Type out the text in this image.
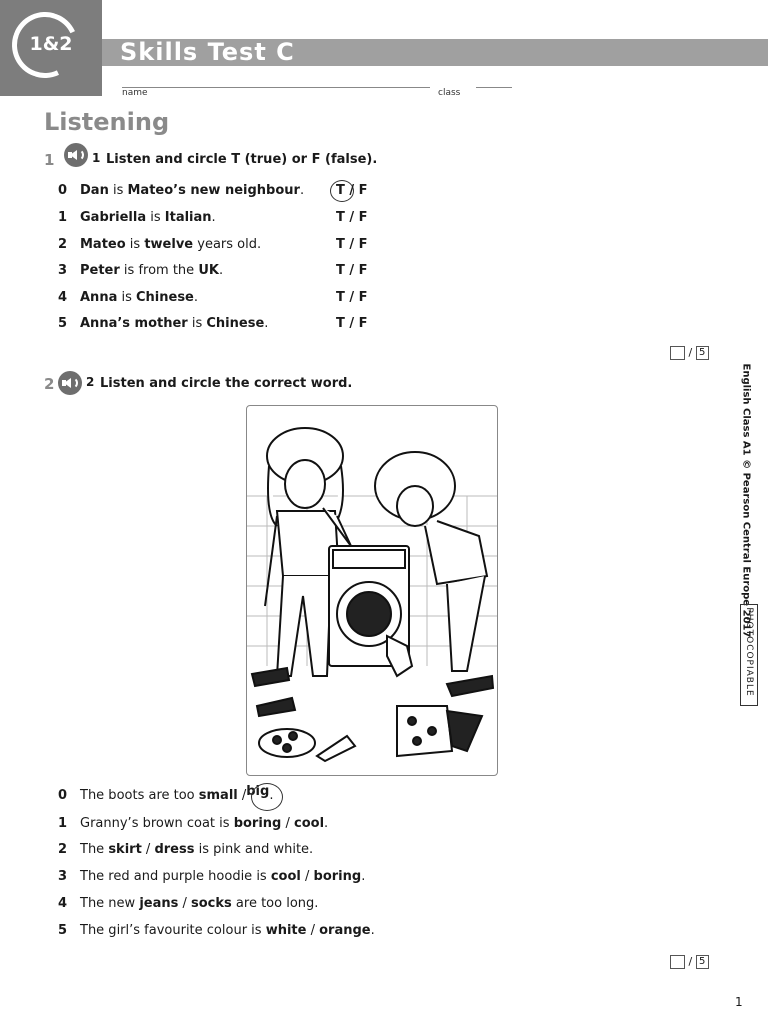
1&2	Skills Test C
name	class
Listening
1	1 Listen and circle T (true) or F (false).
0 Dan is Mateo’s new neighbour. T / F
1 Gabriella is Italian.	T / F
2 Mateo is twelve years old.	T / F
3 Peter is from the UK.	T / F
4 Anna is Chinese.	T / F
5 Anna’s mother is Chinese.	T / F
/ 5
2	2 Listen and circle the correct word.
0 The boots are too small /big.
1 Granny’s brown coat is boring / cool.
2 The skirt / dress is pink and white.
3 The red and purple hoodie is cool / boring.
4 The new jeans / socks are too long.
5 The girl’s favourite colour is white / orange.
/ 5
English Class A1 © Pearson Central Europe 2017
PHOTOCOPIABLE
1
